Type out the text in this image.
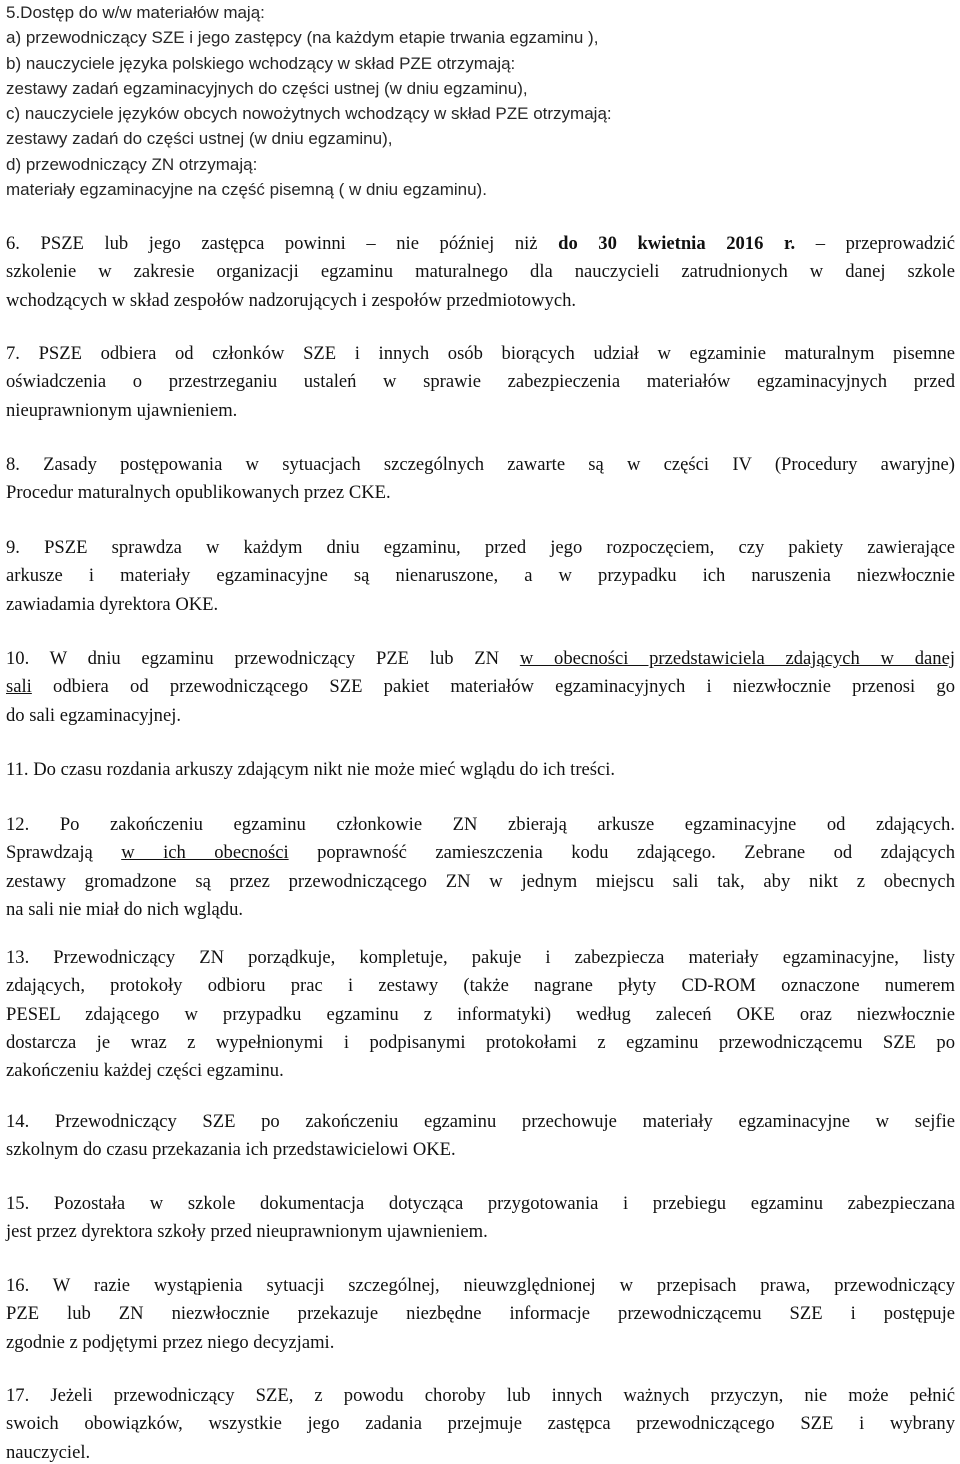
5.Dostęp do w/w materiałów mają:
a) przewodniczący SZE i jego zastępcy (na każdym etapie trwania egzaminu ),
b) nauczyciele języka polskiego wchodzący w skład PZE otrzymają:
zestawy zadań egzaminacyjnych do części ustnej (w dniu egzaminu),
c) nauczyciele języków obcych nowożytnych wchodzący w skład PZE otrzymają:
zestawy zadań do części ustnej (w dniu egzaminu),
d) przewodniczący ZN otrzymają:
materiały egzaminacyjne na część pisemną ( w dniu egzaminu).
6. PSZE lub jego zastępca powinni – nie później niż do 30 kwietnia 2016 r. – przeprowadzić
szkolenie w zakresie organizacji egzaminu maturalnego dla nauczycieli zatrudnionych w danej szkole
wchodzących w skład zespołów nadzorujących i zespołów przedmiotowych.
7. PSZE odbiera od członków SZE i innych osób biorących udział w egzaminie maturalnym pisemne
oświadczenia o przestrzeganiu ustaleń w sprawie zabezpieczenia materiałów egzaminacyjnych przed
nieuprawnionym ujawnieniem.
8. Zasady postępowania w sytuacjach szczególnych zawarte są w części IV (Procedury awaryjne)
Procedur maturalnych opublikowanych przez CKE.
9. PSZE sprawdza w każdym dniu egzaminu, przed jego rozpoczęciem, czy pakiety zawierające
arkusze i materiały egzaminacyjne są nienaruszone, a w przypadku ich naruszenia niezwłocznie
zawiadamia dyrektora OKE.
10. W dniu egzaminu przewodniczący PZE lub ZN w obecności przedstawiciela zdających w danej
sali odbiera od przewodniczącego SZE pakiet materiałów egzaminacyjnych i niezwłocznie przenosi go
do sali egzaminacyjnej.
11. Do czasu rozdania arkuszy zdającym nikt nie może mieć wglądu do ich treści.
12. Po zakończeniu egzaminu członkowie ZN zbierają arkusze egzaminacyjne od zdających.
Sprawdzają w ich obecności poprawność zamieszczenia kodu zdającego. Zebrane od zdających
zestawy gromadzone są przez przewodniczącego ZN w jednym miejscu sali tak, aby nikt z obecnych
na sali nie miał do nich wglądu.
13. Przewodniczący ZN porządkuje, kompletuje, pakuje i zabezpiecza materiały egzaminacyjne, listy
zdających, protokoły odbioru prac i zestawy (także nagrane płyty CD-ROM oznaczone numerem
PESEL zdającego w przypadku egzaminu z informatyki) według zaleceń OKE oraz niezwłocznie
dostarcza je wraz z wypełnionymi i podpisanymi protokołami z egzaminu przewodniczącemu SZE po
zakończeniu każdej części egzaminu.
14. Przewodniczący SZE po zakończeniu egzaminu przechowuje materiały egzaminacyjne w sejfie
szkolnym do czasu przekazania ich przedstawicielowi OKE.
15. Pozostała w szkole dokumentacja dotycząca przygotowania i przebiegu egzaminu zabezpieczana
jest przez dyrektora szkoły przed nieuprawnionym ujawnieniem.
16. W razie wystąpienia sytuacji szczególnej, nieuwzględnionej w przepisach prawa, przewodniczący
PZE lub ZN niezwłocznie przekazuje niezbędne informacje przewodniczącemu SZE i postępuje
zgodnie z podjętymi przez niego decyzjami.
17. Jeżeli przewodniczący SZE, z powodu choroby lub innych ważnych przyczyn, nie może pełnić
swoich obowiązków, wszystkie jego zadania przejmuje zastępca przewodniczącego SZE i wybrany
nauczyciel.
